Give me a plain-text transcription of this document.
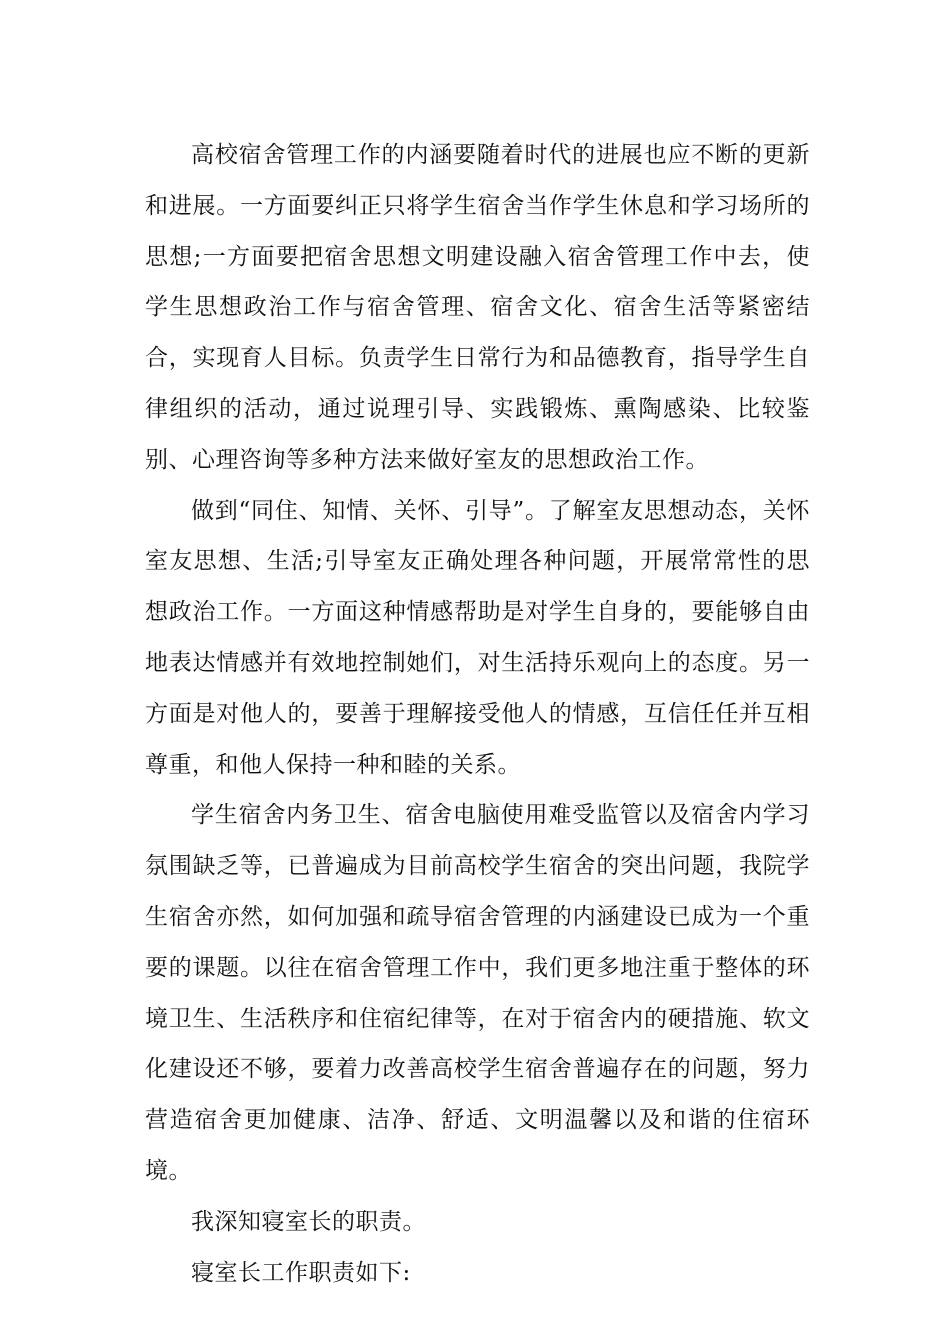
高校宿舍管理工作的内涵要随着时代的进展也应不断的更新和进展。一方面要纠正只将学生宿舍当作学生休息和学习场所的思想;一方面要把宿舍思想文明建设融入宿舍管理工作中去，使学生思想政治工作与宿舍管理、宿舍文化、宿舍生活等紧密结合，实现育人目标。负责学生日常行为和品德教育，指导学生自律组织的活动，通过说理引导、实践锻炼、熏陶感染、比较鉴别、心理咨询等多种方法来做好室友的思想政治工作。

做到“同住、知情、关怀、引导”。了解室友思想动态，关怀室友思想、生活;引导室友正确处理各种问题，开展常常性的思想政治工作。一方面这种情感帮助是对学生自身的，要能够自由地表达情感并有效地控制她们，对生活持乐观向上的态度。另一方面是对他人的，要善于理解接受他人的情感，互信任任并互相尊重，和他人保持一种和睦的关系。

学生宿舍内务卫生、宿舍电脑使用难受监管以及宿舍内学习氛围缺乏等，已普遍成为目前高校学生宿舍的突出问题，我院学生宿舍亦然，如何加强和疏导宿舍管理的内涵建设已成为一个重要的课题。以往在宿舍管理工作中，我们更多地注重于整体的环境卫生、生活秩序和住宿纪律等，在对于宿舍内的硬措施、软文化建设还不够，要着力改善高校学生宿舍普遍存在的问题，努力营造宿舍更加健康、洁净、舒适、文明温馨以及和谐的住宿环境。

我深知寝室长的职责。

寝室长工作职责如下:
